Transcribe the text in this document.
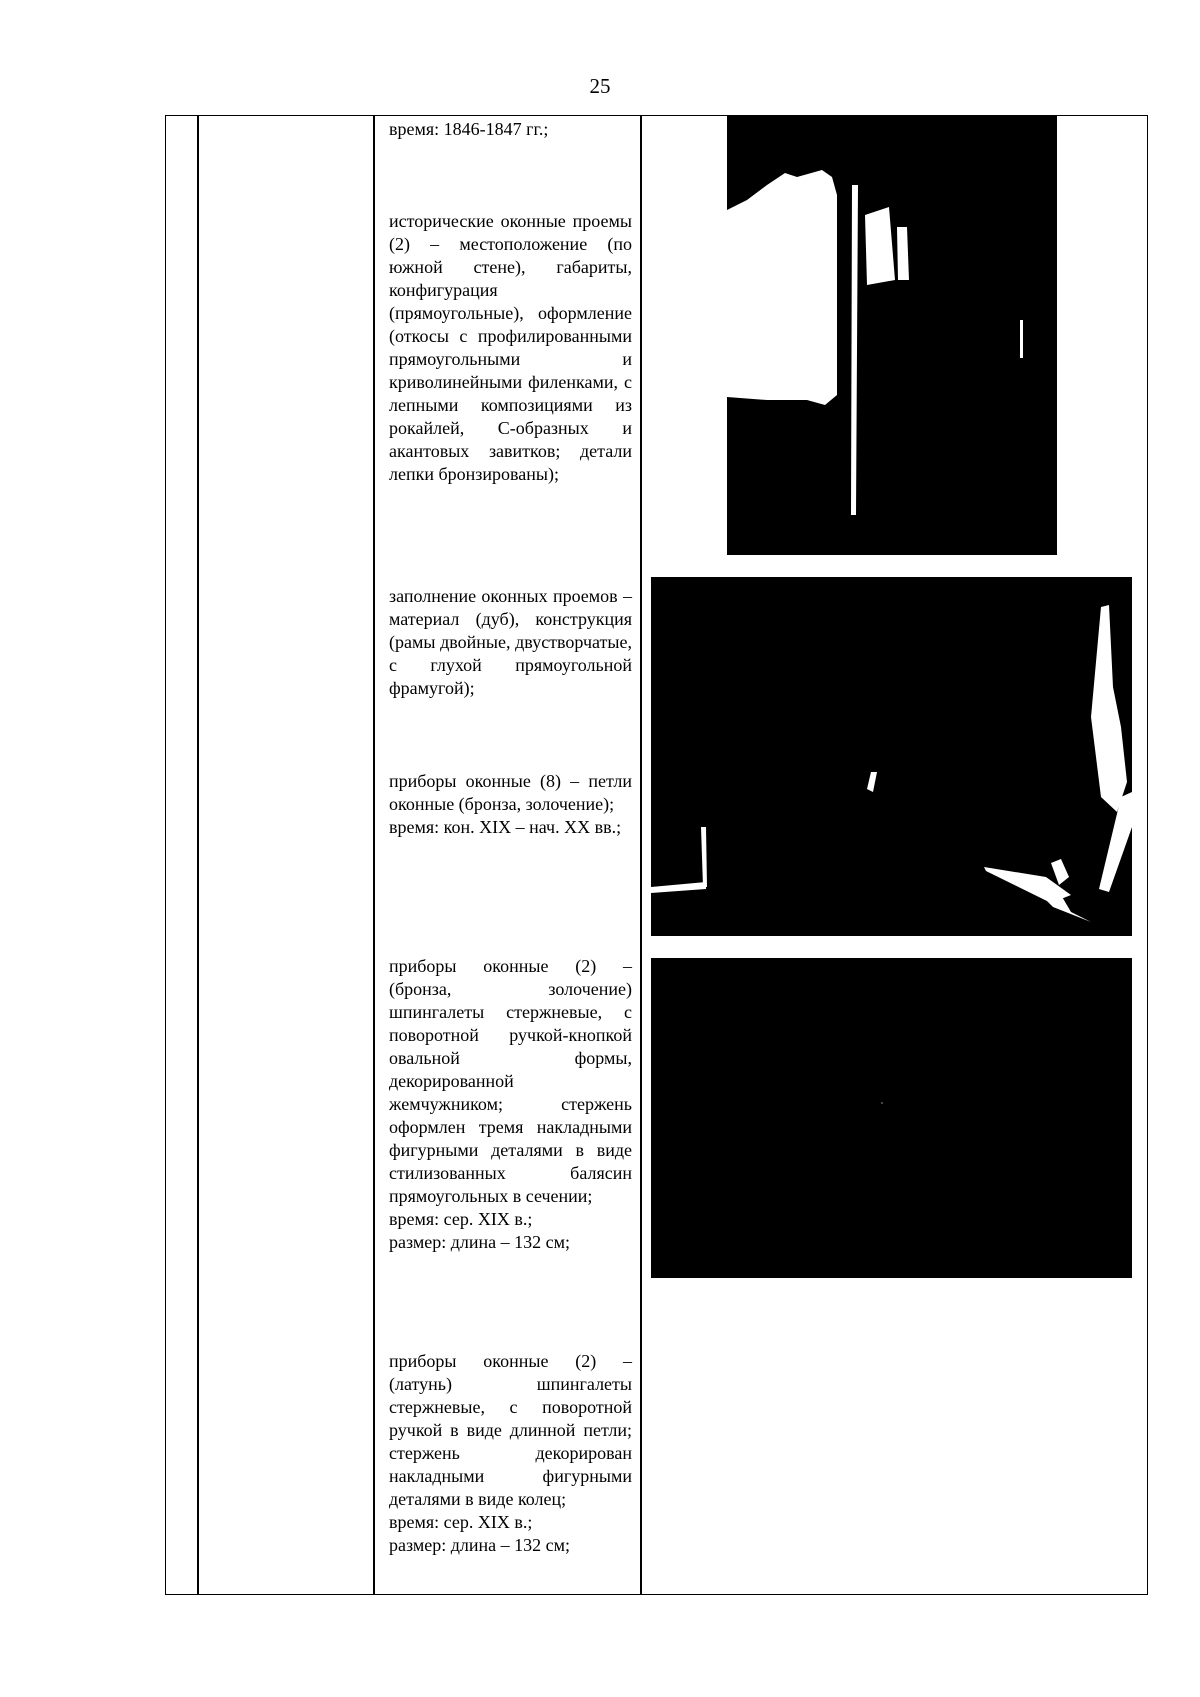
25

время: 1846-1847 гг.;

исторические оконные проемы (2) – местоположение (по южной стене), габариты, конфигурация (прямоугольные), оформление (откосы с профилированными прямоугольными и криволинейными филенками, с лепными композициями из рокайлей, С-образных и акантовых завитков; детали лепки бронзированы);

заполнение оконных проемов – материал (дуб), конструкция (рамы двойные, двустворчатые, с глухой прямоугольной фрамугой);

приборы оконные (8) – петли оконные (бронза, золочение);

время: кон. XIX – нач. XX вв.;

приборы оконные (2) – (бронза, золочение) шпингалеты стержневые, с поворотной ручкой-кнопкой овальной формы, декорированной жемчужником; стержень оформлен тремя накладными фигурными деталями в виде стилизованных балясин прямоугольных в сечении;

время: сер. XIX в.;

размер: длина – 132 см;

приборы оконные (2) – (латунь) шпингалеты стержневые, с поворотной ручкой в виде длинной петли; стержень декорирован накладными фигурными деталями в виде колец;

время: сер. XIX в.;

размер: длина – 132 см;
